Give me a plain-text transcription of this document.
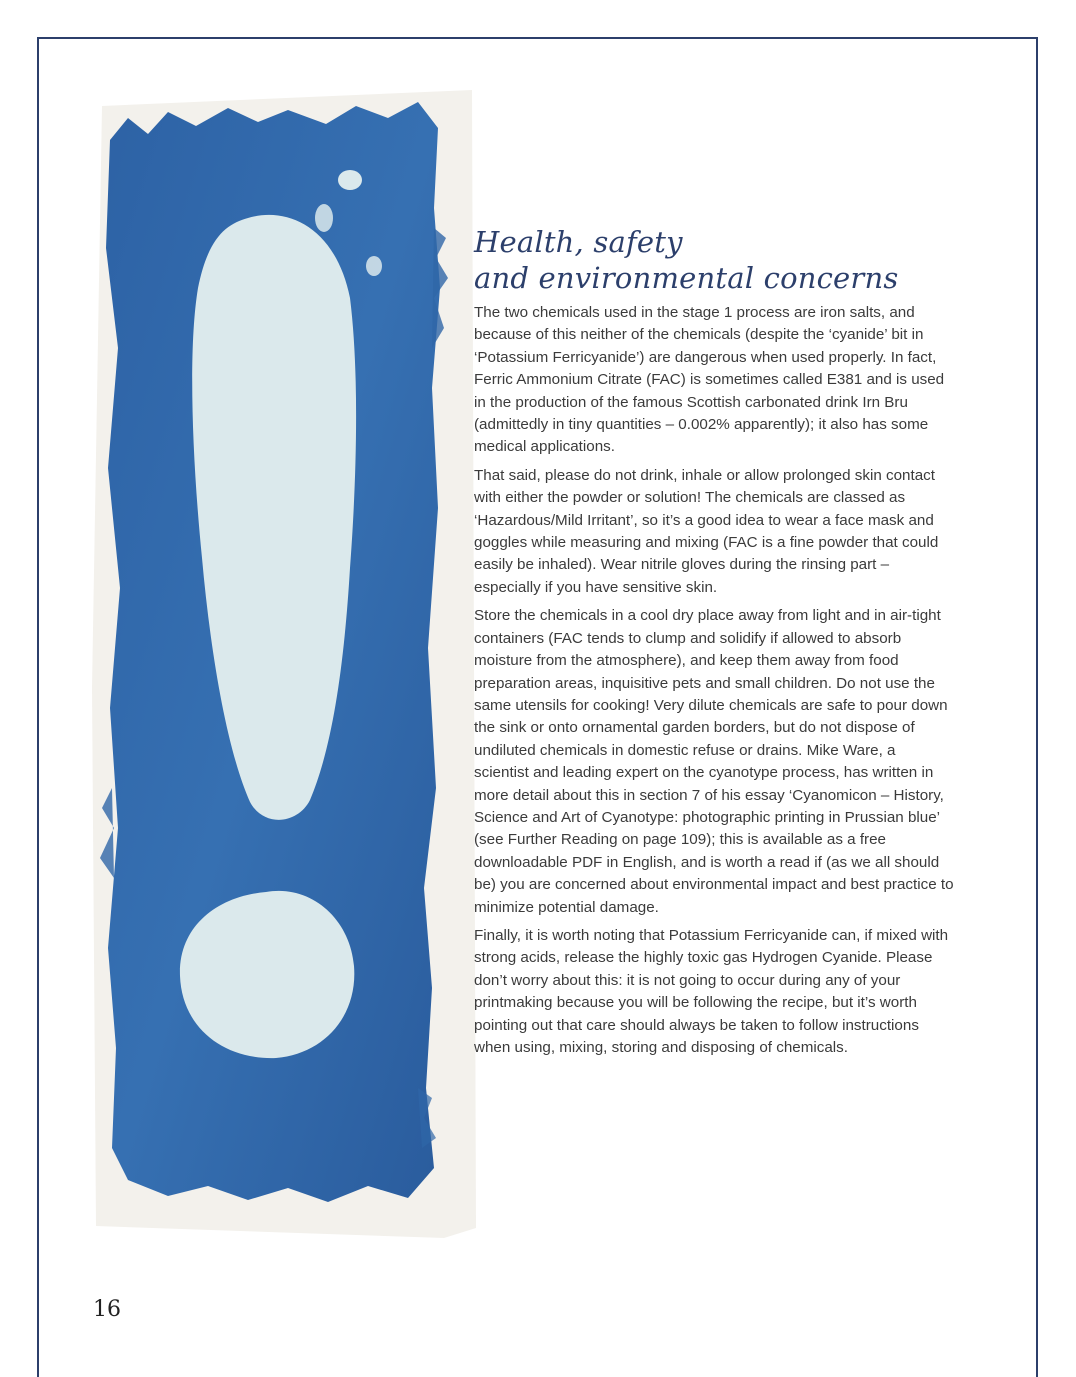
Health, safety
and environmental concerns

The two chemicals used in the stage 1 process are iron salts, and because of this neither of the chemicals (despite the ‘cyanide’ bit in ‘Potassium Ferricyanide’) are dangerous when used properly. In fact, Ferric Ammonium Citrate (FAC) is sometimes called E381 and is used in the production of the famous Scottish carbonated drink Irn Bru (admittedly in tiny quantities – 0.002% apparently); it also has some medical applications.

That said, please do not drink, inhale or allow prolonged skin contact with either the powder or solution! The chemicals are classed as ‘Hazardous/Mild Irritant’, so it’s a good idea to wear a face mask and goggles while measuring and mixing (FAC is a fine powder that could easily be inhaled). Wear nitrile gloves during the rinsing part – especially if you have sensitive skin.

Store the chemicals in a cool dry place away from light and in air-tight containers (FAC tends to clump and solidify if allowed to absorb moisture from the atmosphere), and keep them away from food preparation areas, inquisitive pets and small children. Do not use the same utensils for cooking! Very dilute chemicals are safe to pour down the sink or onto ornamental garden borders, but do not dispose of undiluted chemicals in domestic refuse or drains. Mike Ware, a scientist and leading expert on the cyanotype process, has written in more detail about this in section 7 of his essay ‘Cyanomicon – History, Science and Art of Cyanotype: photographic printing in Prussian blue’ (see Further Reading on page 109); this is available as a free downloadable PDF in English, and is worth a read if (as we all should be) you are concerned about environmental impact and best practice to minimize potential damage.

Finally, it is worth noting that Potassium Ferricyanide can, if mixed with strong acids, release the highly toxic gas Hydrogen Cyanide. Please don’t worry about this: it is not going to occur during any of your printmaking because you will be following the recipe, but it’s worth pointing out that care should always be taken to follow instructions when using, mixing, storing and disposing of chemicals.

16
